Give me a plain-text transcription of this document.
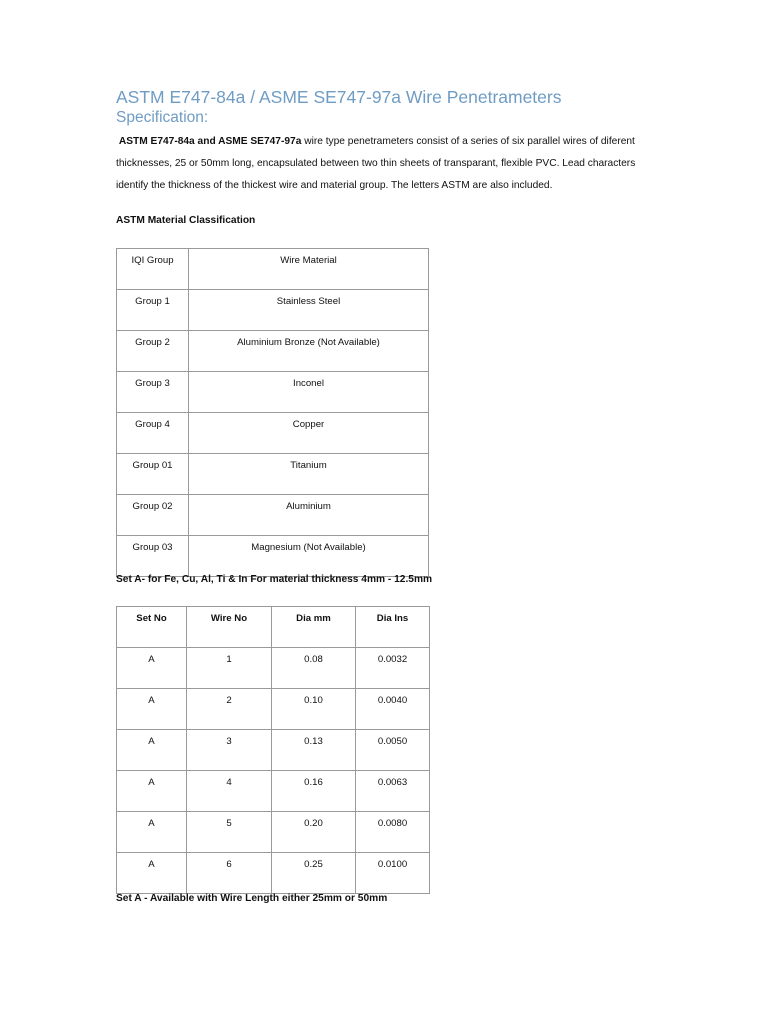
ASTM E747-84a / ASME SE747-97a Wire Penetrameters
Specification:

ASTM E747-84a and ASME SE747-97a wire type penetrameters consist of a series of six parallel wires of diferent
thicknesses, 25 or 50mm long, encapsulated between two thin sheets of transparant, flexible PVC. Lead characters
identify the thickness of the thickest wire and material group. The letters ASTM are also included.

ASTM Material Classification

IQI Group	Wire Material
Group 1	Stainless Steel
Group 2	Aluminium Bronze (Not Available)
Group 3	Inconel
Group 4	Copper
Group 01	Titanium
Group 02	Aluminium
Group 03	Magnesium (Not Available)

Set A- for Fe, Cu, Al, Ti & In For material thickness 4mm - 12.5mm

Set No	Wire No	Dia mm	Dia Ins
A	1	0.08	0.0032
A	2	0.10	0.0040
A	3	0.13	0.0050
A	4	0.16	0.0063
A	5	0.20	0.0080
A	6	0.25	0.0100

Set A - Available with Wire Length either 25mm or 50mm
